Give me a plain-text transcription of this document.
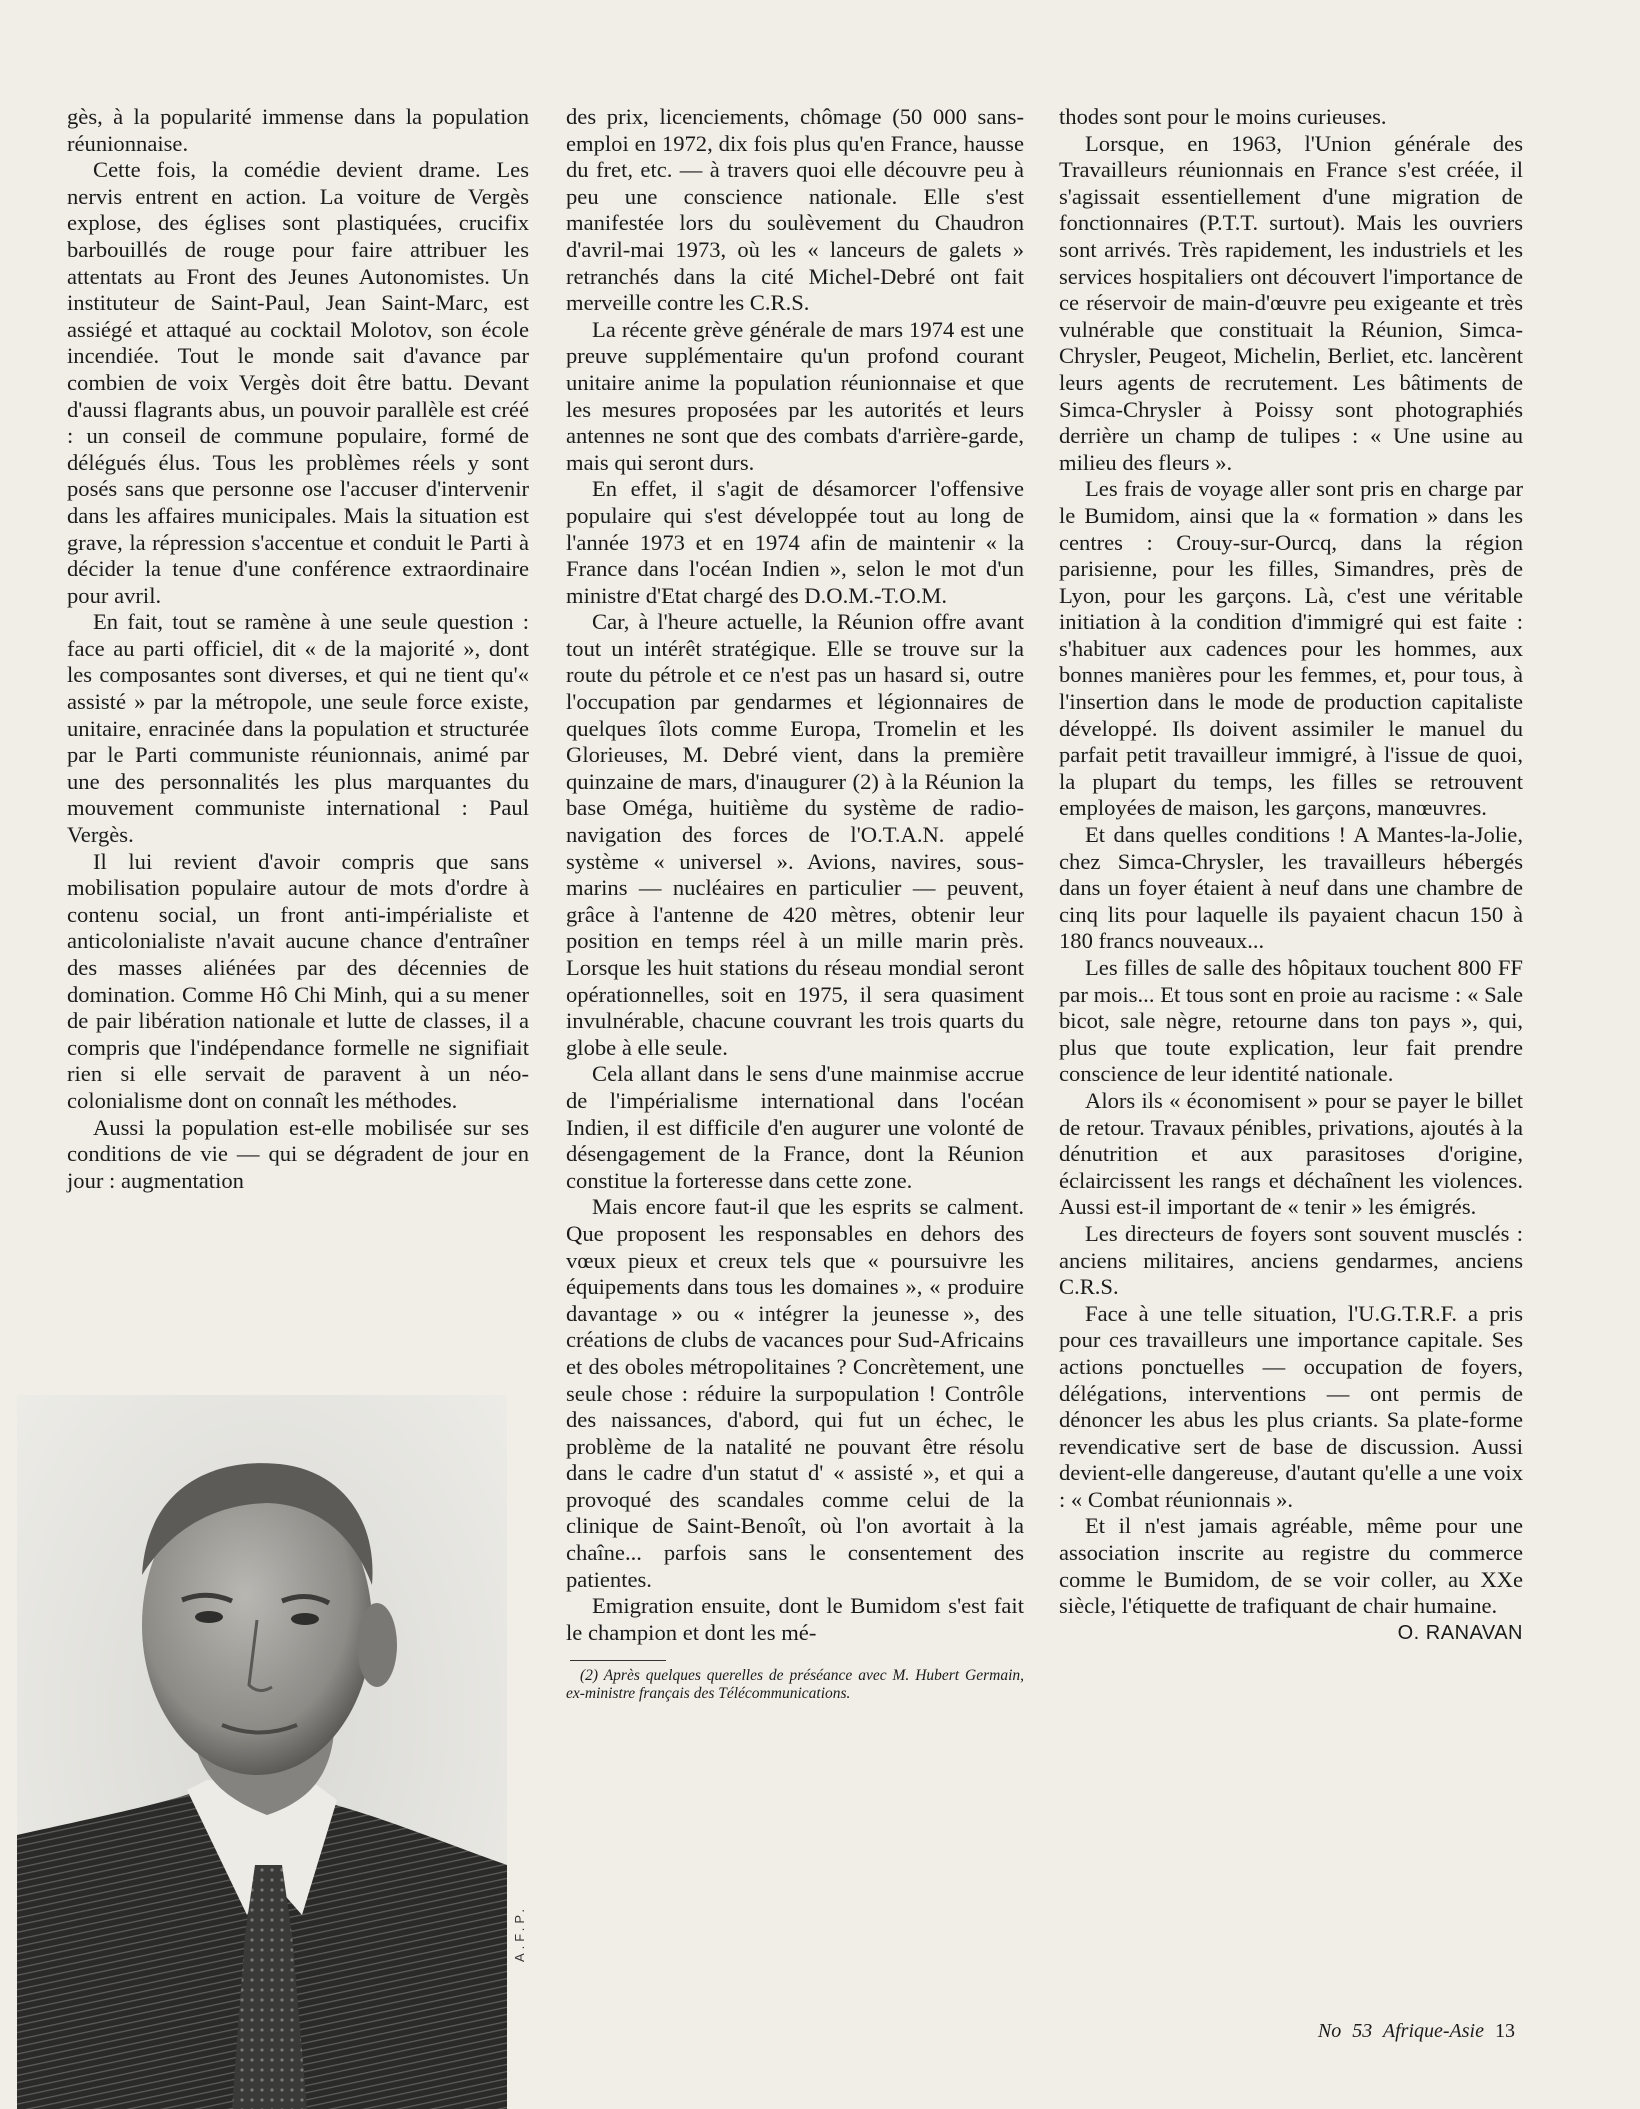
gès, à la popularité immense dans la population réunionnaise.

Cette fois, la comédie devient drame. Les nervis entrent en action. La voiture de Vergès explose, des églises sont plastiquées, crucifix barbouillés de rouge pour faire attribuer les attentats au Front des Jeunes Autonomistes. Un instituteur de Saint-Paul, Jean Saint-Marc, est assiégé et attaqué au cocktail Molotov, son école incendiée. Tout le monde sait d'avance par combien de voix Vergès doit être battu. Devant d'aussi flagrants abus, un pouvoir parallèle est créé : un conseil de commune populaire, formé de délégués élus. Tous les problèmes réels y sont posés sans que personne ose l'accuser d'intervenir dans les affaires municipales. Mais la situation est grave, la répression s'accentue et conduit le Parti à décider la tenue d'une conférence extraordinaire pour avril.

En fait, tout se ramène à une seule question : face au parti officiel, dit « de la majorité », dont les composantes sont diverses, et qui ne tient qu'« assisté » par la métropole, une seule force existe, unitaire, enracinée dans la population et structurée par le Parti communiste réunionnais, animé par une des personnalités les plus marquantes du mouvement communiste international : Paul Vergès.

Il lui revient d'avoir compris que sans mobilisation populaire autour de mots d'ordre à contenu social, un front anti-impérialiste et anticolonialiste n'avait aucune chance d'entraîner des masses aliénées par des décennies de domination. Comme Hô Chi Minh, qui a su mener de pair libération nationale et lutte de classes, il a compris que l'indépendance formelle ne signifiait rien si elle servait de paravent à un néo-colonialisme dont on connaît les méthodes.

Aussi la population est-elle mobilisée sur ses conditions de vie — qui se dégradent de jour en jour : augmentation

des prix, licenciements, chômage (50 000 sans-emploi en 1972, dix fois plus qu'en France, hausse du fret, etc. — à travers quoi elle découvre peu à peu une conscience nationale. Elle s'est manifestée lors du soulèvement du Chaudron d'avril-mai 1973, où les « lanceurs de galets » retranchés dans la cité Michel-Debré ont fait merveille contre les C.R.S.

La récente grève générale de mars 1974 est une preuve supplémentaire qu'un profond courant unitaire anime la population réunionnaise et que les mesures proposées par les autorités et leurs antennes ne sont que des combats d'arrière-garde, mais qui seront durs.

En effet, il s'agit de désamorcer l'offensive populaire qui s'est développée tout au long de l'année 1973 et en 1974 afin de maintenir « la France dans l'océan Indien », selon le mot d'un ministre d'Etat chargé des D.O.M.-T.O.M.

Car, à l'heure actuelle, la Réunion offre avant tout un intérêt stratégique. Elle se trouve sur la route du pétrole et ce n'est pas un hasard si, outre l'occupation par gendarmes et légionnaires de quelques îlots comme Europa, Tromelin et les Glorieuses, M. Debré vient, dans la première quinzaine de mars, d'inaugurer (2) à la Réunion la base Oméga, huitième du système de radio-navigation des forces de l'O.T.A.N. appelé système « universel ». Avions, navires, sous-marins — nucléaires en particulier — peuvent, grâce à l'antenne de 420 mètres, obtenir leur position en temps réel à un mille marin près. Lorsque les huit stations du réseau mondial seront opérationnelles, soit en 1975, il sera quasiment invulnérable, chacune couvrant les trois quarts du globe à elle seule.

Cela allant dans le sens d'une mainmise accrue de l'impérialisme international dans l'océan Indien, il est difficile d'en augurer une volonté de désengagement de la France, dont la Réunion constitue la forteresse dans cette zone.

Mais encore faut-il que les esprits se calment. Que proposent les responsables en dehors des vœux pieux et creux tels que « poursuivre les équipements dans tous les domaines », « produire davantage » ou « intégrer la jeunesse », des créations de clubs de vacances pour Sud-Africains et des oboles métropolitaines ? Concrètement, une seule chose : réduire la surpopulation ! Contrôle des naissances, d'abord, qui fut un échec, le problème de la natalité ne pouvant être résolu dans le cadre d'un statut d' « assisté », et qui a provoqué des scandales comme celui de la clinique de Saint-Benoît, où l'on avortait à la chaîne... parfois sans le consentement des patientes.

Emigration ensuite, dont le Bumidom s'est fait le champion et dont les mé-

(2) Après quelques querelles de préséance avec M. Hubert Germain, ex-ministre français des Télécommunications.

thodes sont pour le moins curieuses.

Lorsque, en 1963, l'Union générale des Travailleurs réunionnais en France s'est créée, il s'agissait essentiellement d'une migration de fonctionnaires (P.T.T. surtout). Mais les ouvriers sont arrivés. Très rapidement, les industriels et les services hospitaliers ont découvert l'importance de ce réservoir de main-d'œuvre peu exigeante et très vulnérable que constituait la Réunion, Simca-Chrysler, Peugeot, Michelin, Berliet, etc. lancèrent leurs agents de recrutement. Les bâtiments de Simca-Chrysler à Poissy sont photographiés derrière un champ de tulipes : « Une usine au milieu des fleurs ».

Les frais de voyage aller sont pris en charge par le Bumidom, ainsi que la « formation » dans les centres : Crouy-sur-Ourcq, dans la région parisienne, pour les filles, Simandres, près de Lyon, pour les garçons. Là, c'est une véritable initiation à la condition d'immigré qui est faite : s'habituer aux cadences pour les hommes, aux bonnes manières pour les femmes, et, pour tous, à l'insertion dans le mode de production capitaliste développé. Ils doivent assimiler le manuel du parfait petit travailleur immigré, à l'issue de quoi, la plupart du temps, les filles se retrouvent employées de maison, les garçons, manœuvres.

Et dans quelles conditions ! A Mantes-la-Jolie, chez Simca-Chrysler, les travailleurs hébergés dans un foyer étaient à neuf dans une chambre de cinq lits pour laquelle ils payaient chacun 150 à 180 francs nouveaux...

Les filles de salle des hôpitaux touchent 800 FF par mois... Et tous sont en proie au racisme : « Sale bicot, sale nègre, retourne dans ton pays », qui, plus que toute explication, leur fait prendre conscience de leur identité nationale.

Alors ils « économisent » pour se payer le billet de retour. Travaux pénibles, privations, ajoutés à la dénutrition et aux parasitoses d'origine, éclaircissent les rangs et déchaînent les violences. Aussi est-il important de « tenir » les émigrés.

Les directeurs de foyers sont souvent musclés : anciens militaires, anciens gendarmes, anciens C.R.S.

Face à une telle situation, l'U.G.T.R.F. a pris pour ces travailleurs une importance capitale. Ses actions ponctuelles — occupation de foyers, délégations, interventions — ont permis de dénoncer les abus les plus criants. Sa plate-forme revendicative sert de base de discussion. Aussi devient-elle dangereuse, d'autant qu'elle a une voix : « Combat réunionnais ».

Et il n'est jamais agréable, même pour une association inscrite au registre du commerce comme le Bumidom, de se voir coller, au XXe siècle, l'étiquette de trafiquant de chair humaine.

O. RANAVAN

A.F.P.
No 53 Afrique-Asie 13
